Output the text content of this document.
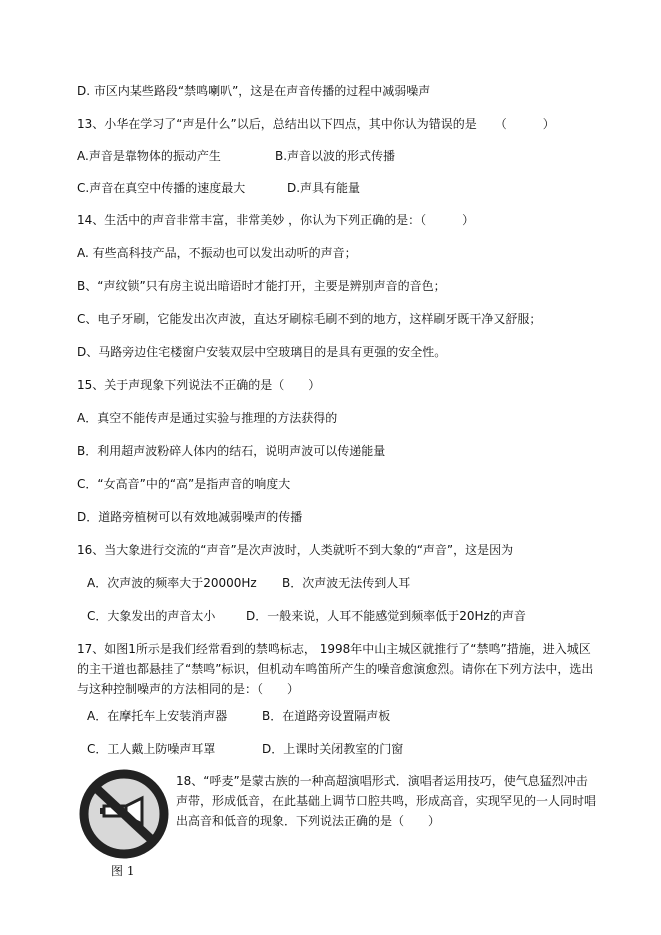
D. 市区内某些路段“禁鸣喇叭”，这是在声音传播的过程中减弱噪声
13、小华在学习了“声是什么”以后，总结出以下四点，其中你认为错误的是　　（　　　）
A.声音是靠物体的振动产生	B.声音以波的形式传播
C.声音在真空中传播的速度最大	D.声具有能量
14、生活中的声音非常丰富，非常美妙 ，你认为下列正确的是：（　　　）
A. 有些高科技产品，不振动也可以发出动听的声音；
B、“声纹锁”只有房主说出暗语时才能打开，主要是辨别声音的音色；
C、电子牙刷，它能发出次声波，直达牙刷棕毛刷不到的地方，这样刷牙既干净又舒服；
D、马路旁边住宅楼窗户安装双层中空玻璃目的是具有更强的安全性。
15、关于声现象下列说法不正确的是（　　）
A．真空不能传声是通过实验与推理的方法获得的
B．利用超声波粉碎人体内的结石，说明声波可以传递能量
C．“女高音”中的“高”是指声音的响度大
D．道路旁植树可以有效地减弱噪声的传播
16、当大象进行交流的“声音”是次声波时，人类就听不到大象的“声音”，这是因为
A．次声波的频率大于20000Hz B．次声波无法传到人耳
C．大象发出的声音太小	D．一般来说，人耳不能感觉到频率低于20Hz的声音
17、如图1所示是我们经常看到的禁鸣标志， 1998年中山主城区就推行了“禁鸣”措施，进入城区
的主干道也都悬挂了“禁鸣”标识，但机动车鸣笛所产生的噪音愈演愈烈。请你在下列方法中，选出
与这种控制噪声的方法相同的是：（　　）
A．在摩托车上安装消声器	B．在道路旁设置隔声板
C．工人戴上防噪声耳罩	D．上课时关闭教室的门窗
18、“呼麦”是蒙古族的一种高超演唱形式．演唱者运用技巧，使气息猛烈冲击
声带，形成低音，在此基础上调节口腔共鸣，形成高音，实现罕见的一人同时唱
出高音和低音的现象．下列说法正确的是（　　）
图 1
